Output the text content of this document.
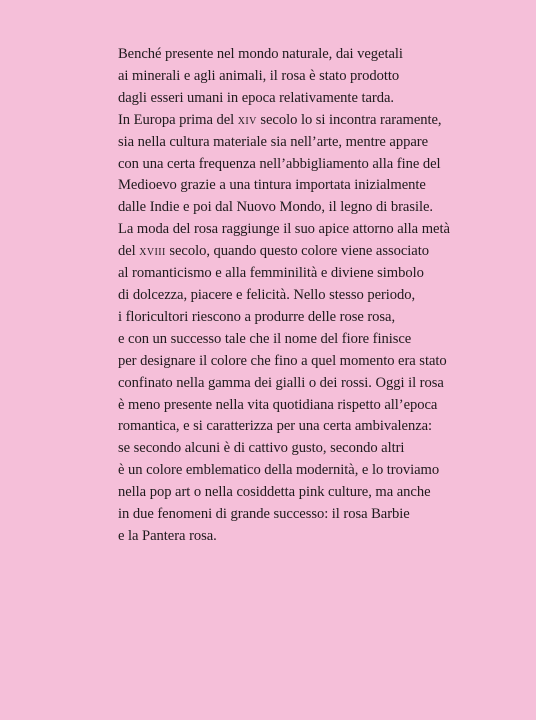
Benché presente nel mondo naturale, dai vegetali
ai minerali e agli animali, il rosa è stato prodotto
dagli esseri umani in epoca relativamente tarda.
In Europa prima del xiv secolo lo si incontra raramente,
sia nella cultura materiale sia nell’arte, mentre appare
con una certa frequenza nell’abbigliamento alla fine del
Medioevo grazie a una tintura importata inizialmente
dalle Indie e poi dal Nuovo Mondo, il legno di brasile.
La moda del rosa raggiunge il suo apice attorno alla metà
del xviii secolo, quando questo colore viene associato
al romanticismo e alla femminilità e diviene simbolo
di dolcezza, piacere e felicità. Nello stesso periodo,
i floricultori riescono a produrre delle rose rosa,
e con un successo tale che il nome del fiore finisce
per designare il colore che fino a quel momento era stato
confinato nella gamma dei gialli o dei rossi. Oggi il rosa
è meno presente nella vita quotidiana rispetto all’epoca
romantica, e si caratterizza per una certa ambivalenza:
se secondo alcuni è di cattivo gusto, secondo altri
è un colore emblematico della modernità, e lo troviamo
nella pop art o nella cosiddetta pink culture, ma anche
in due fenomeni di grande successo: il rosa Barbie
e la Pantera rosa.
